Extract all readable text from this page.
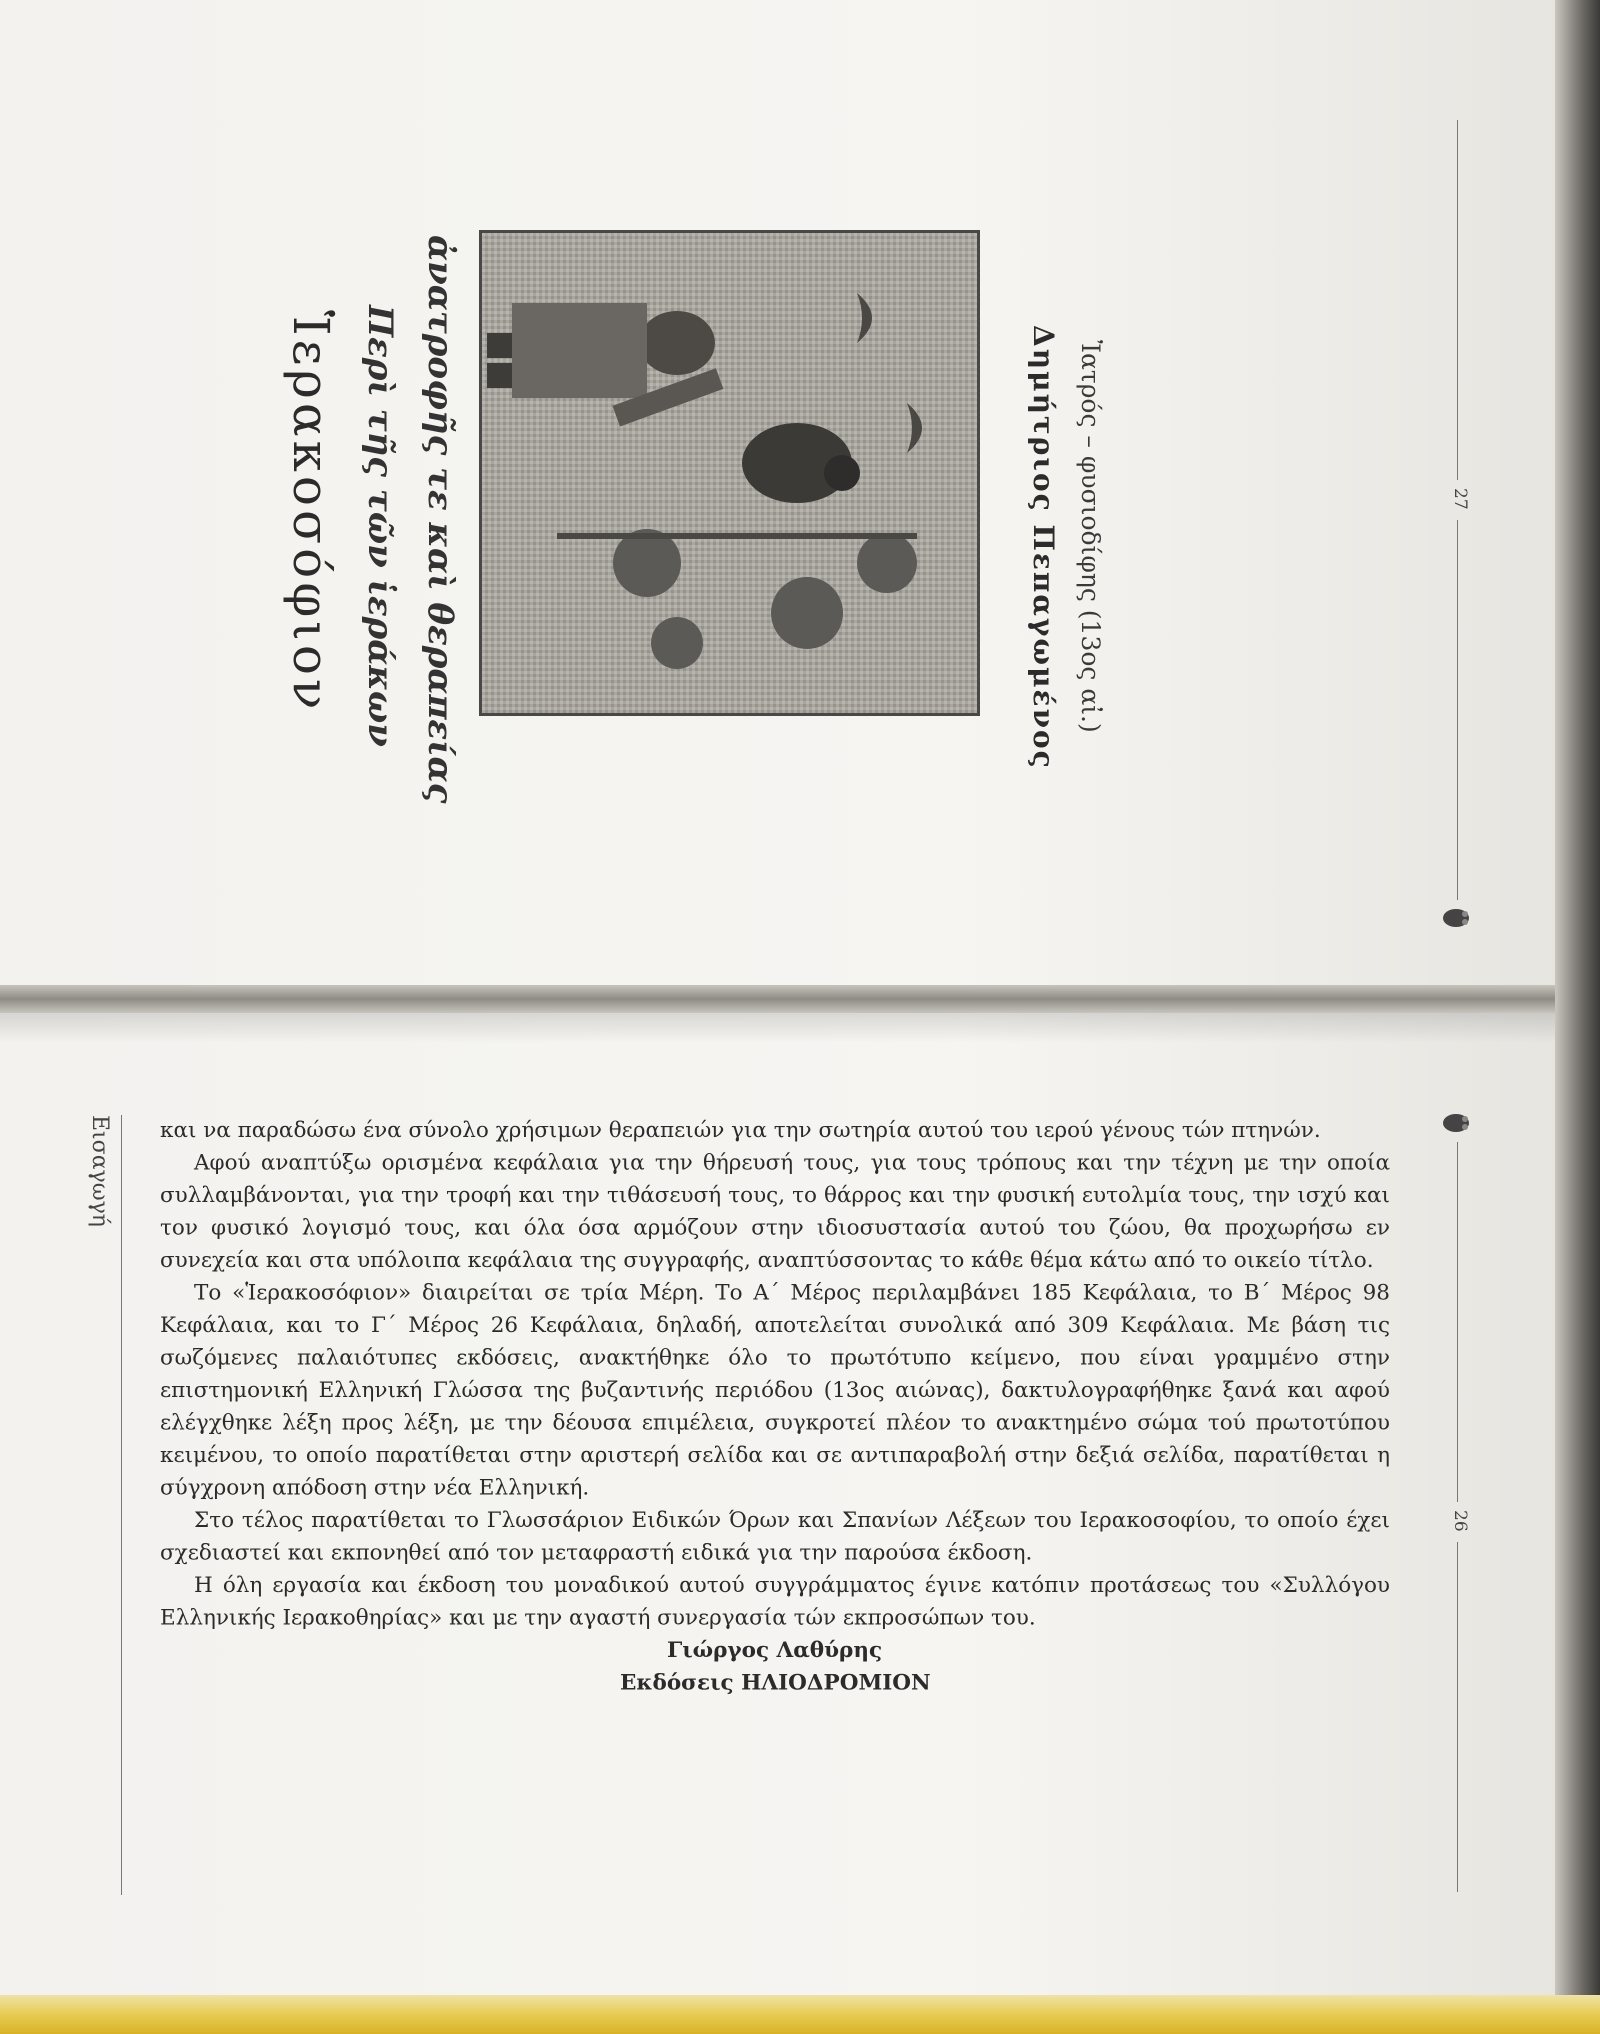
Ἱερακοσόφιον Περὶ τῆς τῶν ἱεράκων ἀνατροφῆς τε καὶ θεραπείας	Δημήτριος Πεπαγωμένος Ἰατρός – φυσιοδίφης (13ος αἰ.)	27
Εισαγωγή και να παραδώσω ένα σύνολο χρήσιμων θεραπειών για την σωτηρία αυτού του ιερού γένους τών πτηνών.

Αφού αναπτύξω ορισμένα κεφάλαια για την θήρευσή τους, για τους τρόπους και την τέχνη με την οποία συλλαμβάνονται, για την τροφή και την τιθάσευσή τους, το θάρρος και την φυσική ευτολμία τους, την ισχύ και τον φυσικό λογισμό τους, και όλα όσα αρμόζουν στην ιδιοσυστασία αυτού του ζώου, θα προχωρήσω εν συνεχεία και στα υπόλοιπα κεφάλαια της συγγραφής, αναπτύσσοντας το κάθε θέμα κάτω από το οικείο τίτλο.

Το «Ἱερακοσόφιον» διαιρείται σε τρία Μέρη. Το Α΄ Μέρος περιλαμβάνει 185 Κεφάλαια, το Β΄ Μέρος 98 Κεφάλαια, και το Γ΄ Μέρος 26 Κεφάλαια, δηλαδή, αποτελείται συνολικά από 309 Κεφάλαια. Με βάση τις σωζόμενες παλαιότυπες εκδόσεις, ανακτήθηκε όλο το πρωτότυπο κείμενο, που είναι γραμμένο στην επιστημονική Ελληνική Γλώσσα της βυζαντινής περιόδου (13ος αιώνας), δακτυλογραφήθηκε ξανά και αφού ελέγχθηκε λέξη προς λέξη, με την δέουσα επιμέλεια, συγκροτεί πλέον το ανακτημένο σώμα τού πρωτοτύπου κειμένου, το οποίο παρατίθεται στην αριστερή σελίδα και σε αντιπαραβολή στην δεξιά σελίδα, παρατίθεται η σύγχρονη απόδοση στην νέα Ελληνική.

Στο τέλος παρατίθεται το Γλωσσάριον Ειδικών Όρων και Σπανίων Λέξεων του Ιερακοσοφίου, το οποίο έχει σχεδιαστεί και εκπονηθεί από τον μεταφραστή ειδικά για την παρούσα έκδοση.

Η όλη εργασία και έκδοση του μοναδικού αυτού συγγράμματος έγινε κατόπιν προτάσεως του «Συλλόγου Ελληνικής Ιερακοθηρίας» και με την αγαστή συνεργασία τών εκπροσώπων του.

Γιώργος Λαθύρης

Εκδόσεις ΗΛΙΟΔΡΟΜΙΟΝ

26
